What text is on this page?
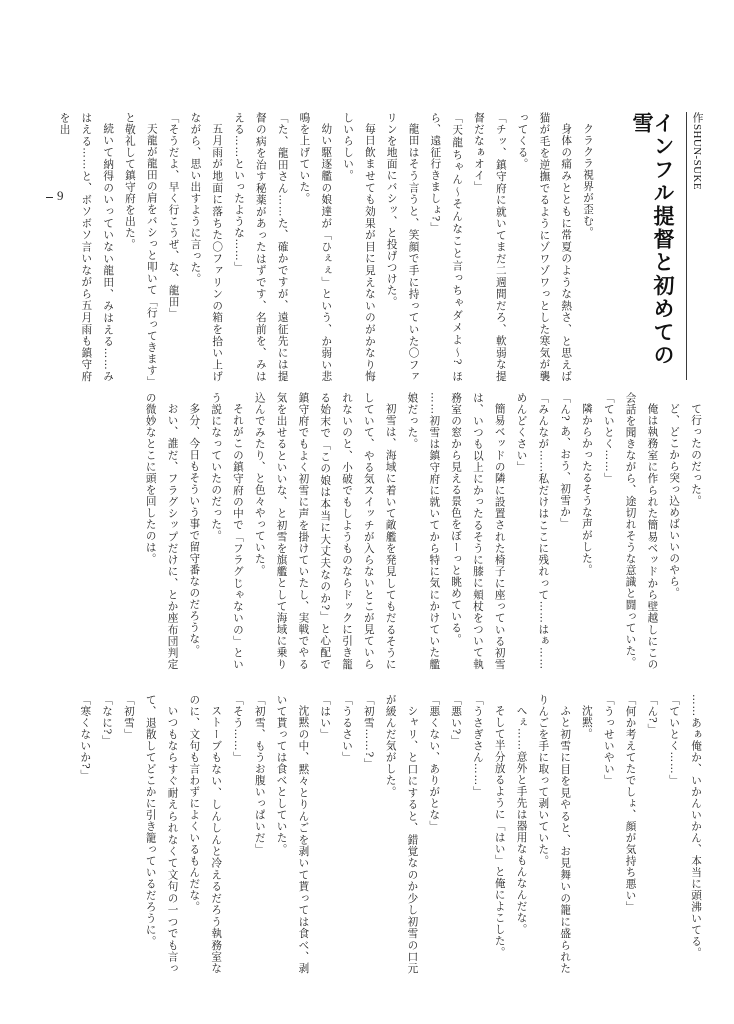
9	インフル提督と初めての雪	作SHUN-SUKE

クラクラ視界が歪む。

身体の痛みとともに常夏のような熱さ、と思えば猫が毛を逆撫でるようにゾワゾワっとした寒気が襲ってくる。

「チッ、鎮守府に就いてまだ二週間だろ、軟弱な提督だなぁオイ」

「天龍ちゃん～そんなこと言っちゃダメよ～? ほら、遠征行きましょ?」

龍田はそう言うと、笑顔で手に持っていた〇ファリンを地面にバシッ、と投げつけた。

毎日飲ませても効果が目に見えないのがかなり悔しいらしい。

幼い駆逐艦の娘達が「ひぇぇ」という、か弱い悲鳴を上げていた。

「た、龍田さん……た、確かですが、遠征先には提督の病を治す秘薬があったはずです、名前を、みはえる……といったような……」

五月雨が地面に落ちた〇ファリンの箱を拾い上げながら、思い出すように言った。

「そうだよ、早く行こうぜ、な、龍田」

天龍が龍田の肩をバシっと叩いて「行ってきます」と敬礼して鎮守府を出た。

続いて納得のいっていない龍田、みはえる……みはえる……と、ボソボソ言いながら五月雨も鎮守府を出

て行ったのだった。

ど、どこから突っ込めばいいのやら。

俺は執務室に作られた簡易ベッドから壁越しにこの会話を聞きながら、途切れそうな意識と闘っていた。

「ていとく……」

隣からかったるそうな声がした。

「ん? あ、おう、初雪か」

「みんなが……私だけはここに残れって……はぁ……めんどくさい」

簡易ベッドの隣に設置された椅子に座っている初雪は、いつも以上にかったるそうに膝に頬杖をついて執務室の窓から見える景色をぼーっと眺めている。

……初雪は鎮守府に就いてから特に気にかけていた艦娘だった。

初雪は、海域に着いて敵艦を発見してもだるそうにしていて、やる気スイッチが入らないとこが見ていられないのと、小破でもしようものならドックに引き籠る始末で「この娘は本当に大丈夫なのか?」と心配で鎮守府でもよく初雪に声を掛けていたし、実戦でやる気を出せるといいな、と初雪を旗艦として海域に乗り込んでみたり、と色々やっていた。

それがこの鎮守府の中で「フラグじゃないの」という説になっていたのだった。

多分、今日もそういう事で留守番なのだろうな。

おい、誰だ、フラグシップだけに、とか座布団判定の微妙なとこに頭を回したのは。

……あぁ俺か、いかんいかん、本当に頭沸いてる。

「ていとく……」

「ん?」

「何か考えてたでしょ、顔が気持ち悪い」

「うっせいやい」

沈黙。

ふと初雪に目を見やると、お見舞いの籠に盛られたりんごを手に取って剥いていた。

へぇ……意外と手先は器用なもんなんだな。

そして半分放るように「はい」と俺によこした。

「うさぎさん……」

「悪い?」

「悪くない、ありがとな」

シャリ、と口にすると、錯覚なのか少し初雪の口元が緩んだ気がした。

「初雪……?」

「うるさい」

「はい」

沈黙の中、黙々とりんごを剥いて貰っては食べ、剥いて貰っては食べとしていた。

「初雪、もうお腹いっぱいだ」

「そう……」

ストーブもない、しんしんと冷えるだろう執務室なのに、文句も言わずによくいるもんだな。

いつもならすぐ耐えられなくて文句の一つでも言って、退散してどこかに引き籠っているだろうに。

「初雪」

「なに?」

「寒くないか?」
